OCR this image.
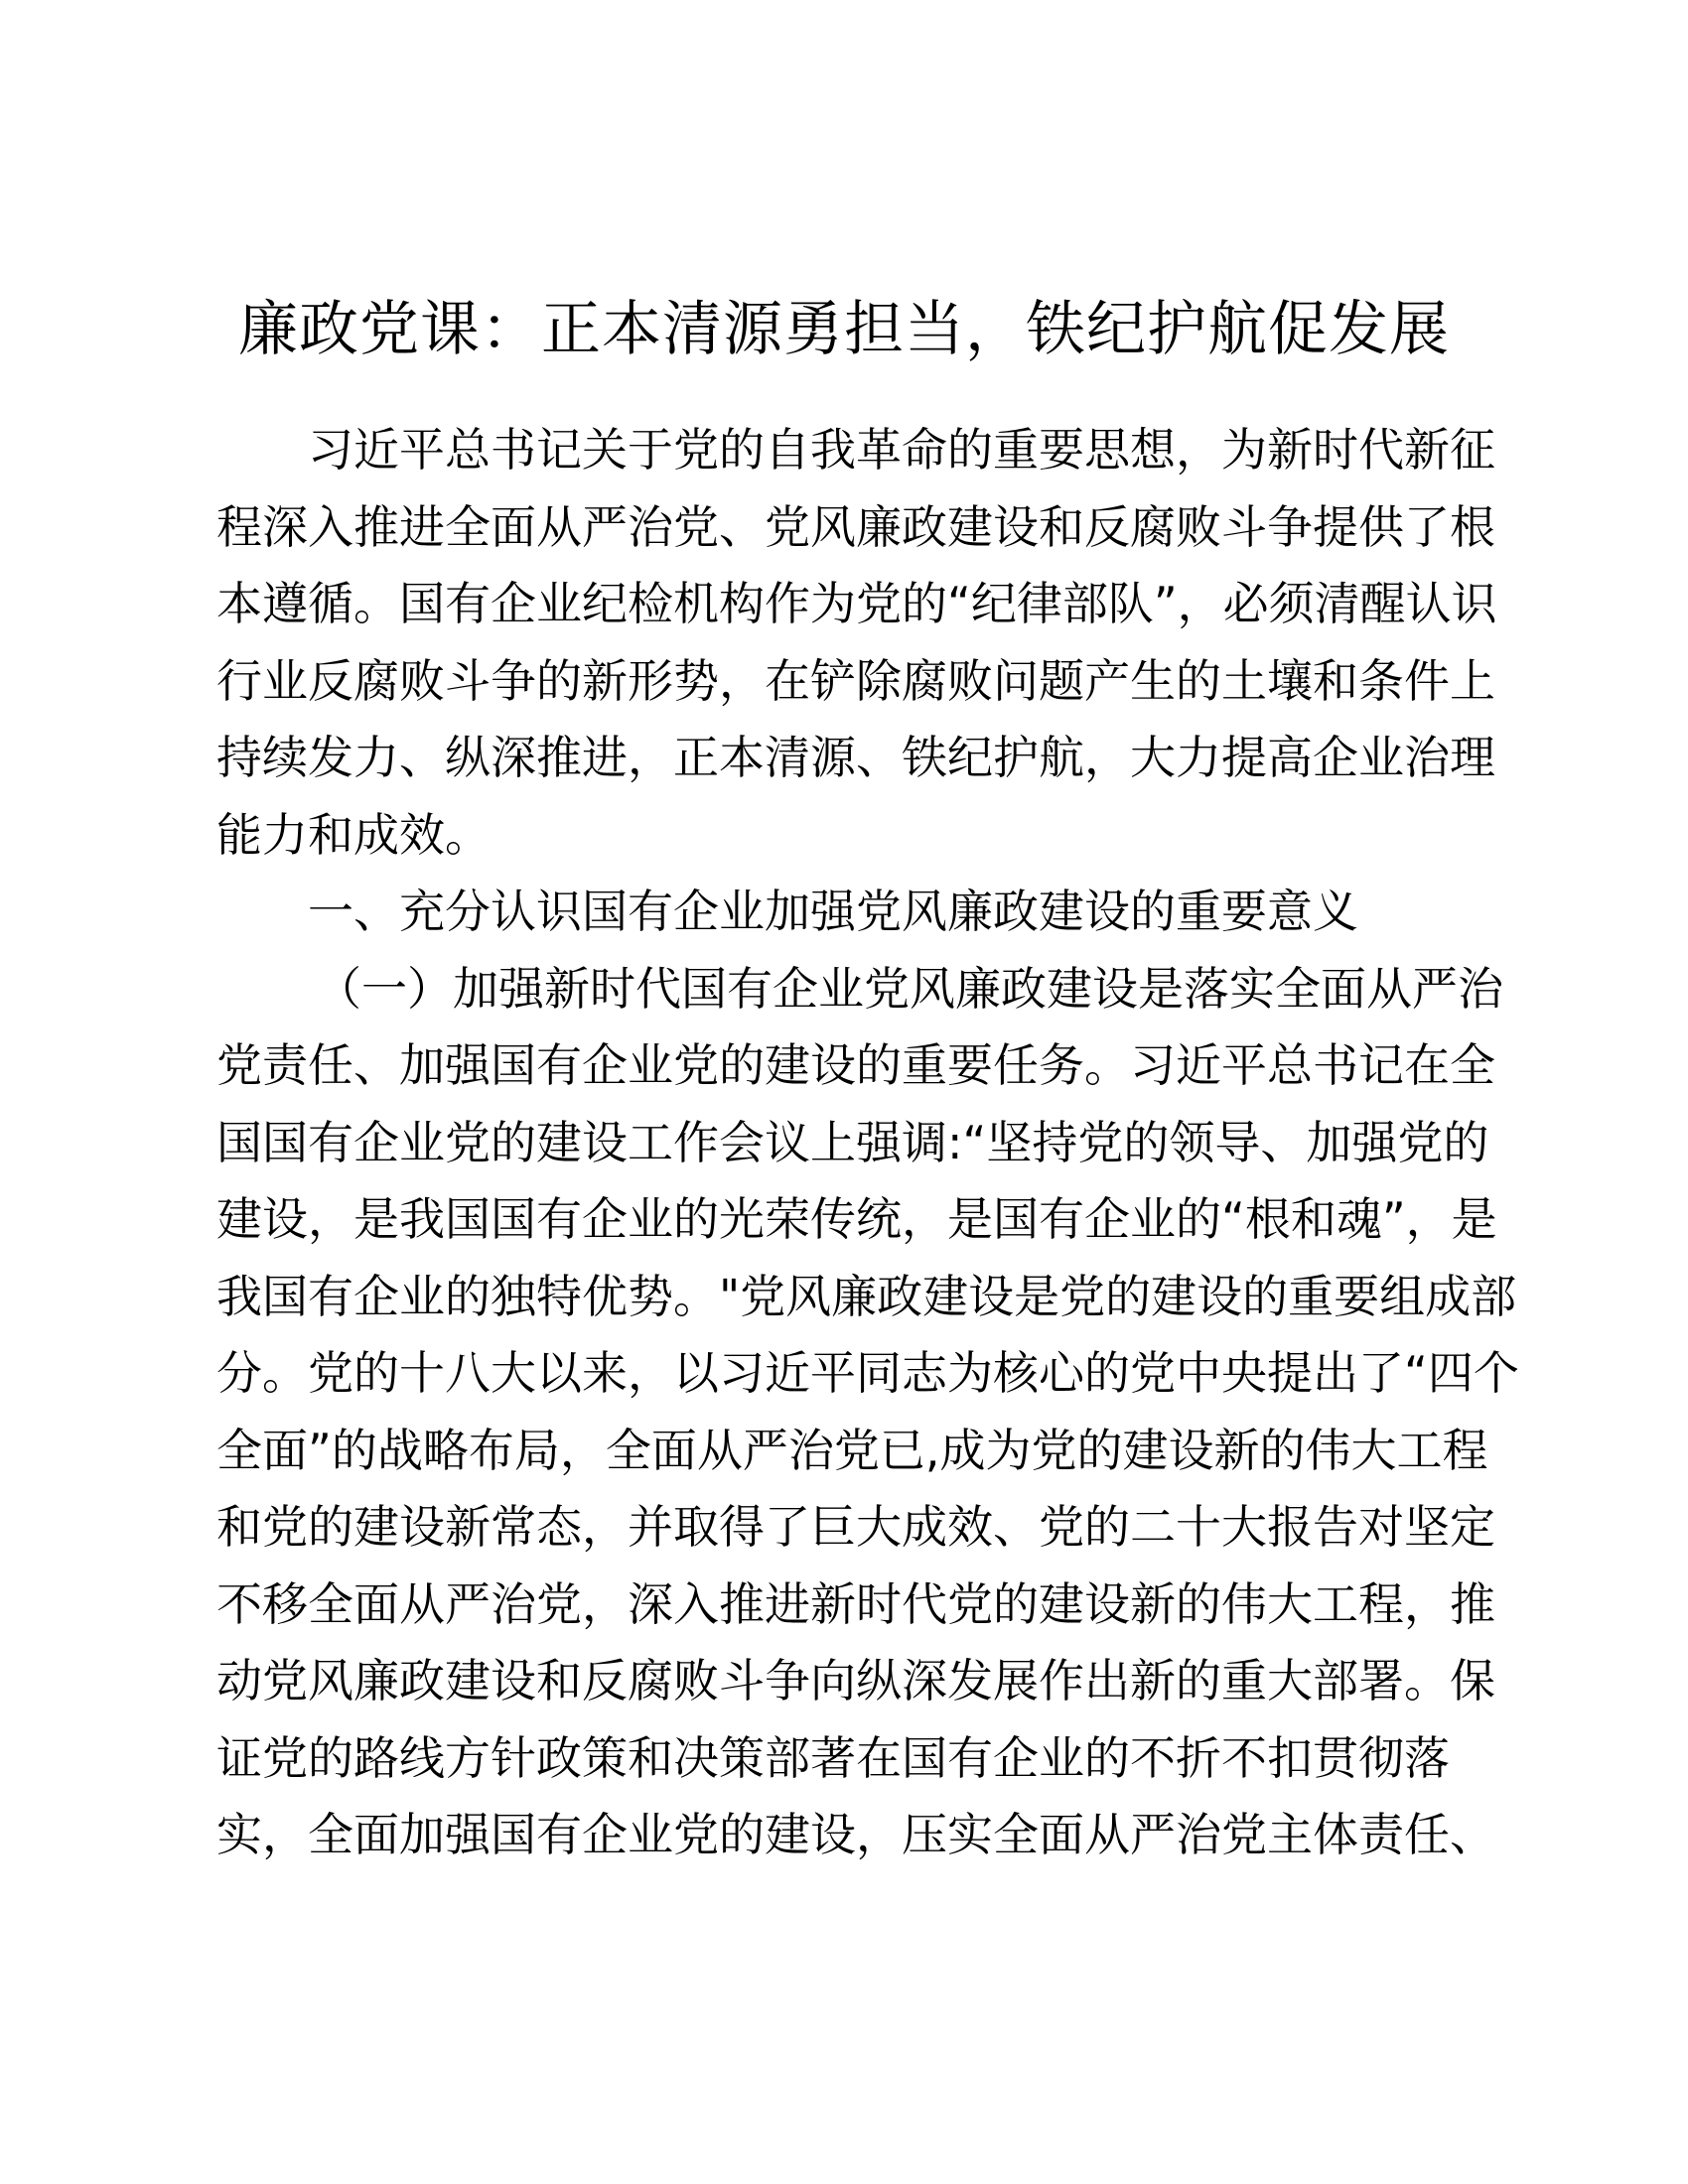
廉政党课：正本清源勇担当，铁纪护航促发展
习近平总书记关于党的自我革命的重要思想，为新时代新征
程深入推进全面从严治党、党风廉政建设和反腐败斗争提供了根
本遵循。国有企业纪检机构作为党的“纪律部队”，必须清醒认识
行业反腐败斗争的新形势，在铲除腐败问题产生的土壤和条件上
持续发力、纵深推进，正本清源、铁纪护航，大力提高企业治理
能力和成效。
一、充分认识国有企业加强党风廉政建设的重要意义
（一）加强新时代国有企业党风廉政建设是落实全面从严治
党责任、加强国有企业党的建设的重要任务。习近平总书记在全
国国有企业党的建设工作会议上强调:“坚持党的领导、加强党的
建设，是我国国有企业的光荣传统，是国有企业的“根和魂”，是
我国有企业的独特优势。"党风廉政建设是党的建设的重要组成部
分。党的十八大以来，以习近平同志为核心的党中央提出了“四个
全面”的战略布局，全面从严治党已,成为党的建设新的伟大工程
和党的建设新常态，并取得了巨大成效、党的二十大报告对坚定
不移全面从严治党，深入推进新时代党的建设新的伟大工程，推
动党风廉政建设和反腐败斗争向纵深发展作出新的重大部署。保
证党的路线方针政策和决策部著在国有企业的不折不扣贯彻落
实，全面加强国有企业党的建设，压实全面从严治党主体责任、
